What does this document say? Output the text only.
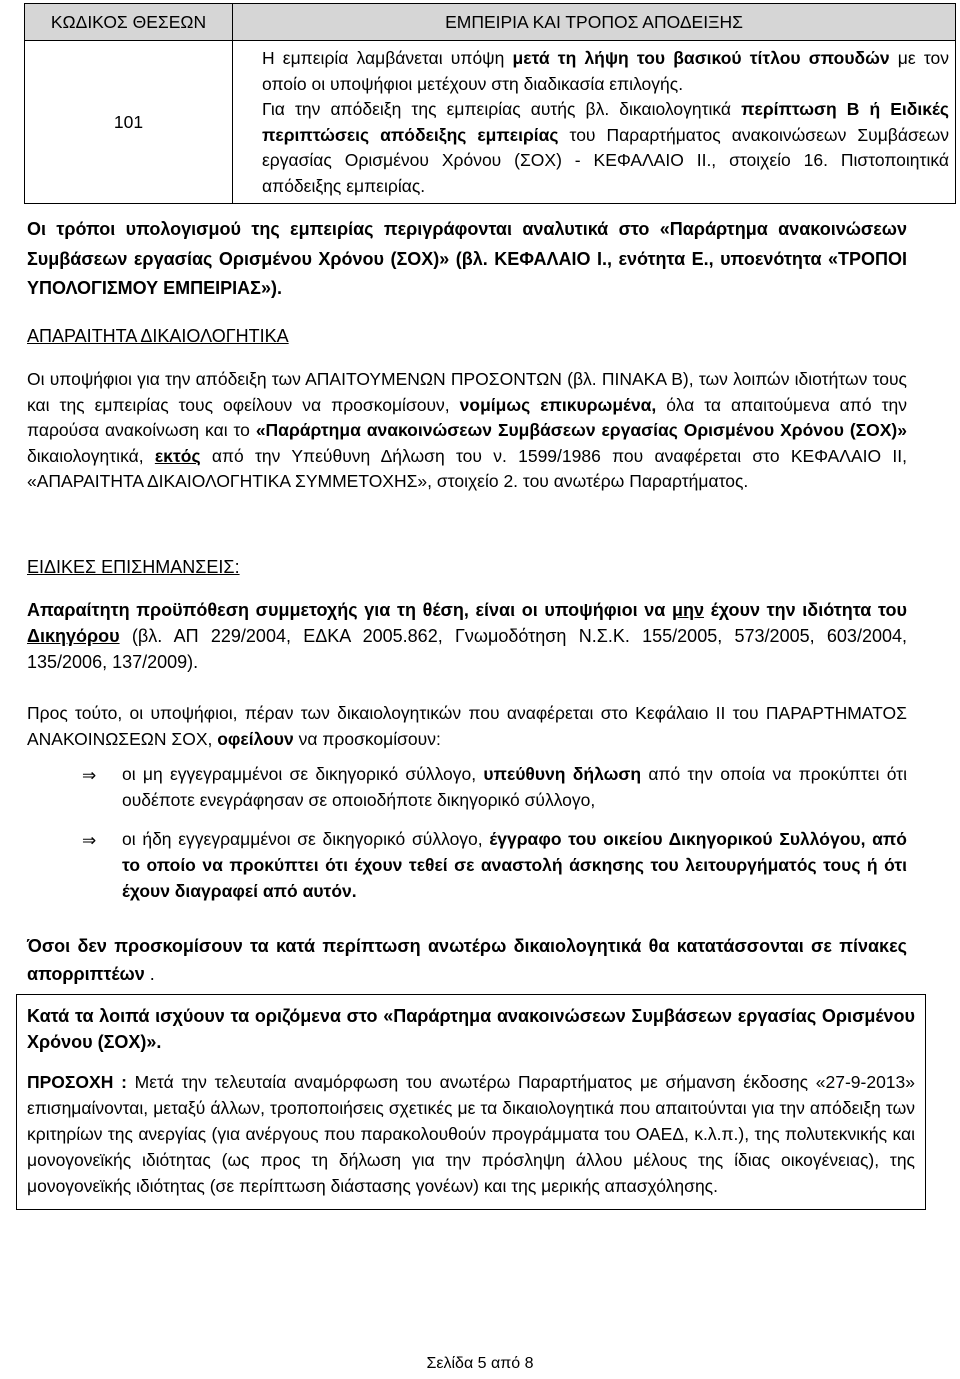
ΚΩΔΙΚΟΣ ΘΕΣΕΩΝ	ΕΜΠΕΙΡΙΑ ΚΑΙ ΤΡΟΠΟΣ ΑΠΟΔΕΙΞΗΣ
101	Η εμπειρία λαμβάνεται υπόψη μετά τη λήψη του βασικού τίτλου σπουδών με τον οποίο οι υποψήφιοι μετέχουν στη διαδικασία επιλογής.
Για την απόδειξη της εμπειρίας αυτής βλ. δικαιολογητικά περίπτωση Β ή Ειδικές περιπτώσεις απόδειξης εμπειρίας του Παραρτήματος ανακοινώσεων Συμβάσεων εργασίας Ορισμένου Χρόνου (ΣΟΧ) - ΚΕΦΑΛΑΙΟ ΙΙ., στοιχείο 16. Πιστοποιητικά απόδειξης εμπειρίας.
Οι τρόποι υπολογισμού της εμπειρίας περιγράφονται αναλυτικά στο «Παράρτημα ανακοινώσεων Συμβάσεων εργασίας Ορισμένου Χρόνου (ΣΟΧ)» (βλ. ΚΕΦΑΛΑΙΟ Ι., ενότητα Ε., υποενότητα «ΤΡΟΠΟΙ ΥΠΟΛΟΓΙΣΜΟΥ ΕΜΠΕΙΡΙΑΣ»).
ΑΠΑΡΑΙΤΗΤΑ ΔΙΚΑΙΟΛΟΓΗΤΙΚΑ
Οι υποψήφιοι για την απόδειξη των ΑΠΑΙΤΟΥΜΕΝΩΝ ΠΡΟΣΟΝΤΩΝ (βλ. ΠΙΝΑΚΑ Β), των λοιπών ιδιοτήτων τους και της εμπειρίας τους οφείλουν να προσκομίσουν, νομίμως επικυρωμένα, όλα τα απαιτούμενα από την παρούσα ανακοίνωση και το «Παράρτημα ανακοινώσεων Συμβάσεων εργασίας Ορισμένου Χρόνου (ΣΟΧ)» δικαιολογητικά, εκτός από την Υπεύθυνη Δήλωση του ν. 1599/1986 που αναφέρεται στο ΚΕΦΑΛΑΙΟ ΙΙ, «ΑΠΑΡΑΙΤΗΤΑ ΔΙΚΑΙΟΛΟΓΗΤΙΚΑ ΣΥΜΜΕΤΟΧΗΣ», στοιχείο 2. του ανωτέρω Παραρτήματος.
ΕΙΔΙΚΕΣ ΕΠΙΣΗΜΑΝΣΕΙΣ:
Απαραίτητη προϋπόθεση συμμετοχής για τη θέση, είναι οι υποψήφιοι να μην έχουν την ιδιότητα του Δικηγόρου (βλ. ΑΠ 229/2004, ΕΔΚΑ 2005.862, Γνωμοδότηση Ν.Σ.Κ. 155/2005, 573/2005, 603/2004, 135/2006, 137/2009).
Προς τούτο, οι υποψήφιοι, πέραν των δικαιολογητικών που αναφέρεται στο Κεφάλαιο ΙΙ του ΠΑΡΑΡΤΗΜΑΤΟΣ ΑΝΑΚΟΙΝΩΣΕΩΝ ΣΟΧ, οφείλουν να προσκομίσουν:
⇒ οι μη εγγεγραμμένοι σε δικηγορικό σύλλογο, υπεύθυνη δήλωση από την οποία να προκύπτει ότι ουδέποτε ενεγράφησαν σε οποιοδήποτε δικηγορικό σύλλογο,
⇒ οι ήδη εγγεγραμμένοι σε δικηγορικό σύλλογο, έγγραφο του οικείου Δικηγορικού Συλλόγου, από το οποίο να προκύπτει ότι έχουν τεθεί σε αναστολή άσκησης του λειτουργήματός τους ή ότι έχουν διαγραφεί από αυτόν.
Όσοι δεν προσκομίσουν τα κατά περίπτωση ανωτέρω δικαιολογητικά θα κατατάσσονται σε πίνακες απορριπτέων .

Κατά τα λοιπά ισχύουν τα οριζόμενα στο «Παράρτημα ανακοινώσεων Συμβάσεων εργασίας Ορισμένου Χρόνου (ΣΟΧ)».

ΠΡΟΣΟΧΗ : Μετά την τελευταία αναμόρφωση του ανωτέρω Παραρτήματος με σήμανση έκδοσης «27-9-2013» επισημαίνονται, μεταξύ άλλων, τροποποιήσεις σχετικές με τα δικαιολογητικά που απαιτούνται για την απόδειξη των κριτηρίων της ανεργίας (για ανέργους που παρακολουθούν προγράμματα του ΟΑΕΔ, κ.λ.π.), της πολυτεκνικής και μονογονεϊκής ιδιότητας (ως προς τη δήλωση για την πρόσληψη άλλου μέλους της ίδιας οικογένειας), της μονογονεϊκής ιδιότητας (σε περίπτωση διάστασης γονέων) και της μερικής απασχόλησης.

Σελίδα 5 από 8
